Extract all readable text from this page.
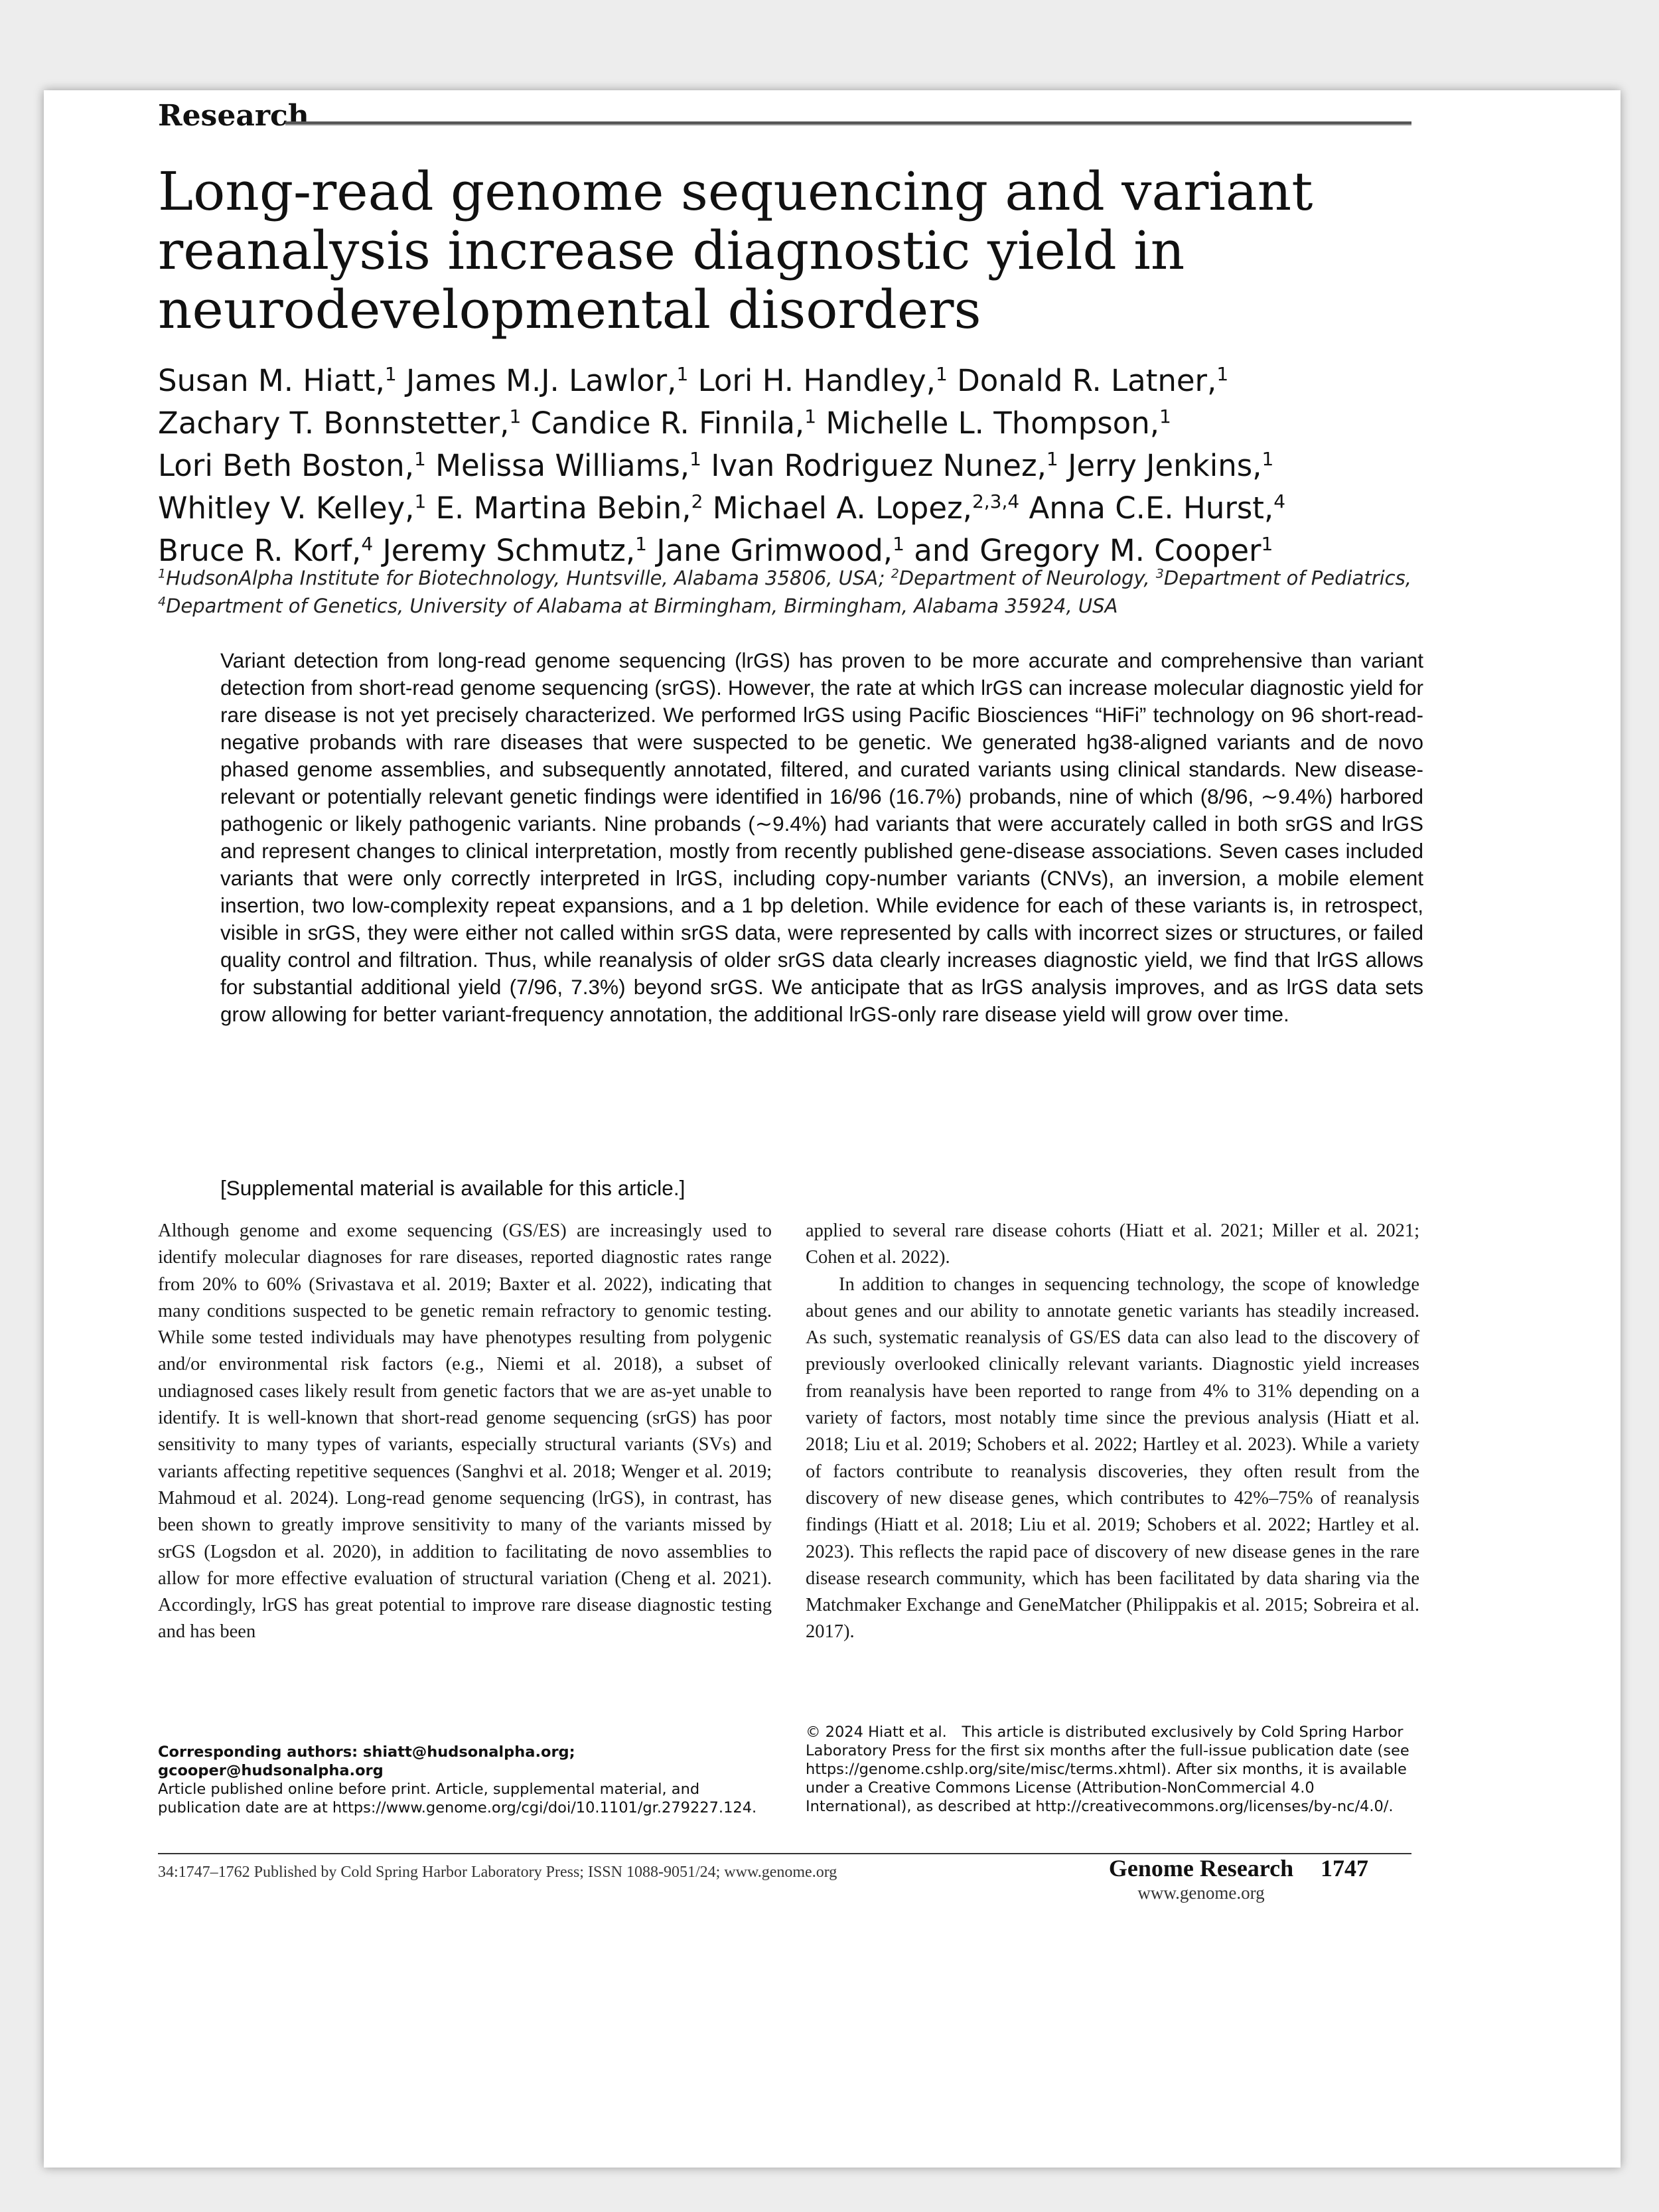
Research
Long-read genome sequencing and variant reanalysis increase diagnostic yield in neurodevelopmental disorders
Susan M. Hiatt,$^1$ James M.J. Lawlor,$^1$ Lori H. Handley,$^1$ Donald R. Latner,$^1$
Zachary T. Bonnstetter,$^1$ Candice R. Finnila,$^1$ Michelle L. Thompson,$^1$
Lori Beth Boston,$^1$ Melissa Williams,$^1$ Ivan Rodriguez Nunez,$^1$ Jerry Jenkins,$^1$
Whitley V. Kelley,$^1$ E. Martina Bebin,$^2$ Michael A. Lopez,$^{2,3,4}$ Anna C.E. Hurst,$^4$
Bruce R. Korf,$^4$ Jeremy Schmutz,$^1$ Jane Grimwood,$^1$ and Gregory M. Cooper$^1$
$^1$HudsonAlpha Institute for Biotechnology, Huntsville, Alabama 35806, USA; $^2$Department of Neurology, $^3$Department of Pediatrics,
$^4$Department of Genetics, University of Alabama at Birmingham, Birmingham, Alabama 35924, USA

Variant detection from long-read genome sequencing (lrGS) has proven to be more accurate and comprehensive than variant detection from short-read genome sequencing (srGS). However, the rate at which lrGS can increase molecular diagnostic yield for rare disease is not yet precisely characterized. We performed lrGS using Pacific Biosciences “HiFi” technology on 96 short-read-negative probands with rare diseases that were suspected to be genetic. We generated hg38-aligned variants and de novo phased genome assemblies, and subsequently annotated, filtered, and curated variants using clinical standards. New disease-relevant or potentially relevant genetic findings were identified in 16/96 (16.7%) probands, nine of which (8/96, ∼9.4%) harbored pathogenic or likely pathogenic variants. Nine probands (∼9.4%) had variants that were accurately called in both srGS and lrGS and represent changes to clinical interpretation, mostly from recently published gene-disease associations. Seven cases included variants that were only correctly interpreted in lrGS, including copy-number variants (CNVs), an inversion, a mobile element insertion, two low-complexity repeat expansions, and a 1 bp deletion. While evidence for each of these variants is, in retrospect, visible in srGS, they were either not called within srGS data, were represented by calls with incorrect sizes or structures, or failed quality control and filtration. Thus, while reanalysis of older srGS data clearly increases diagnostic yield, we find that lrGS allows for substantial additional yield (7/96, 7.3%) beyond srGS. We anticipate that as lrGS analysis improves, and as lrGS data sets grow allowing for better variant-frequency annotation, the additional lrGS-only rare disease yield will grow over time.

[Supplemental material is available for this article.]

Although genome and exome sequencing (GS/ES) are increasingly used to identify molecular diagnoses for rare diseases, reported diagnostic rates range from 20% to 60% (Srivastava et al. 2019; Baxter et al. 2022), indicating that many conditions suspected to be genetic remain refractory to genomic testing. While some tested individuals may have phenotypes resulting from polygenic and/or environmental risk factors (e.g., Niemi et al. 2018), a subset of undiagnosed cases likely result from genetic factors that we are as-yet unable to identify. It is well-known that short-read genome sequencing (srGS) has poor sensitivity to many types of variants, especially structural variants (SVs) and variants affecting repetitive sequences (Sanghvi et al. 2018; Wenger et al. 2019; Mahmoud et al. 2024). Long-read genome sequencing (lrGS), in contrast, has been shown to greatly improve sensitivity to many of the variants missed by srGS (Logsdon et al. 2020), in addition to facilitating de novo assemblies to allow for more effective evaluation of structural variation (Cheng et al. 2021). Accordingly, lrGS has great potential to improve rare disease diagnostic testing and has been

applied to several rare disease cohorts (Hiatt et al. 2021; Miller et al. 2021; Cohen et al. 2022).

In addition to changes in sequencing technology, the scope of knowledge about genes and our ability to annotate genetic variants has steadily increased. As such, systematic reanalysis of GS/ES data can also lead to the discovery of previously overlooked clinically relevant variants. Diagnostic yield increases from reanalysis have been reported to range from 4% to 31% depending on a variety of factors, most notably time since the previous analysis (Hiatt et al. 2018; Liu et al. 2019; Schobers et al. 2022; Hartley et al. 2023). While a variety of factors contribute to reanalysis discoveries, they often result from the discovery of new disease genes, which contributes to 42%–75% of reanalysis findings (Hiatt et al. 2018; Liu et al. 2019; Schobers et al. 2022; Hartley et al. 2023). This reflects the rapid pace of discovery of new disease genes in the rare disease research community, which has been facilitated by data sharing via the Matchmaker Exchange and GeneMatcher (Philippakis et al. 2015; Sobreira et al. 2017).

Corresponding authors: shiatt@hudsonalpha.org; gcooper@hudsonalpha.org
Article published online before print. Article, supplemental material, and publication date are at https://www.genome.org/cgi/doi/10.1101/gr.279227.124.
© 2024 Hiatt et al. This article is distributed exclusively by Cold Spring Harbor Laboratory Press for the first six months after the full-issue publication date (see https://genome.cshlp.org/site/misc/terms.xhtml). After six months, it is available under a Creative Commons License (Attribution-NonCommercial 4.0 International), as described at http://creativecommons.org/licenses/by-nc/4.0/.
34:1747–1762 Published by Cold Spring Harbor Laboratory Press; ISSN 1088-9051/24; www.genome.org	Genome Research
www.genome.org
1747
